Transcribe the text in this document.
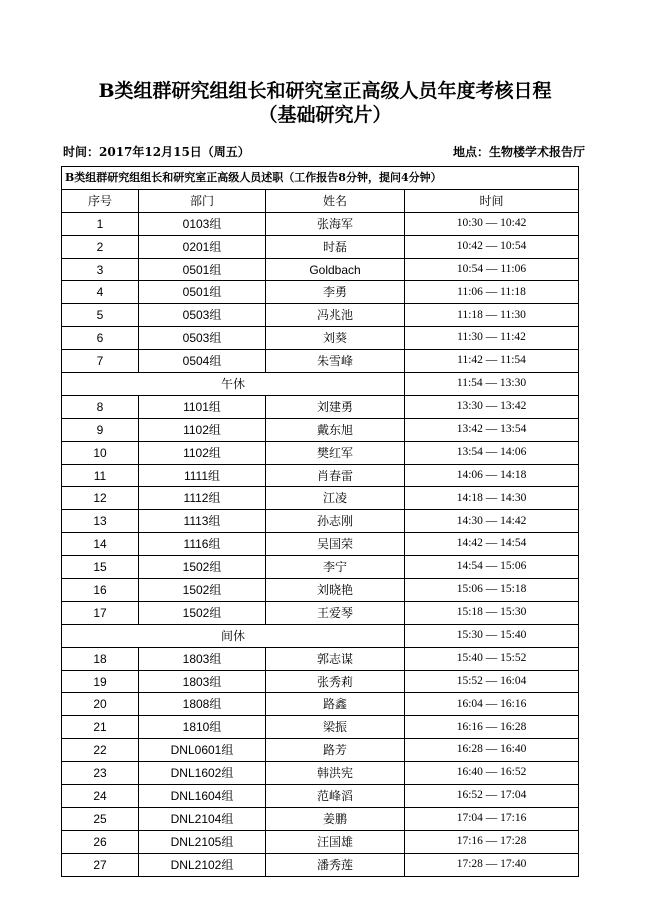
B类组群研究组组长和研究室正高级人员年度考核日程
（基础研究片）
时间：2017年12月15日（周五）	地点：生物楼学术报告厅
B类组群研究组组长和研究室正高级人员述职（工作报告8分钟，提问4分钟）			
序号	部门	姓名	时间
1	0103组	张海军	10:30 — 10:42
2	0201组	时磊	10:42 — 10:54
3	0501组	Goldbach	10:54 — 11:06
4	0501组	李勇	11:06 — 11:18
5	0503组	冯兆池	11:18 — 11:30
6	0503组	刘葵	11:30 — 11:42
7	0504组	朱雪峰	11:42 — 11:54
午休			11:54 — 13:30
8	1101组	刘建勇	13:30 — 13:42
9	1102组	戴东旭	13:42 — 13:54
10	1102组	樊红军	13:54 — 14:06
11	1111组	肖春雷	14:06 — 14:18
12	1112组	江凌	14:18 — 14:30
13	1113组	孙志刚	14:30 — 14:42
14	1116组	吴国荣	14:42 — 14:54
15	1502组	李宁	14:54 — 15:06
16	1502组	刘晓艳	15:06 — 15:18
17	1502组	王爱琴	15:18 — 15:30
间休			15:30 — 15:40
18	1803组	郭志谋	15:40 — 15:52
19	1803组	张秀莉	15:52 — 16:04
20	1808组	路鑫	16:04 — 16:16
21	1810组	梁振	16:16 — 16:28
22	DNL0601组	路芳	16:28 — 16:40
23	DNL1602组	韩洪宪	16:40 — 16:52
24	DNL1604组	范峰滔	16:52 — 17:04
25	DNL2104组	姜鹏	17:04 — 17:16
26	DNL2105组	汪国雄	17:16 — 17:28
27	DNL2102组	潘秀莲	17:28 — 17:40
